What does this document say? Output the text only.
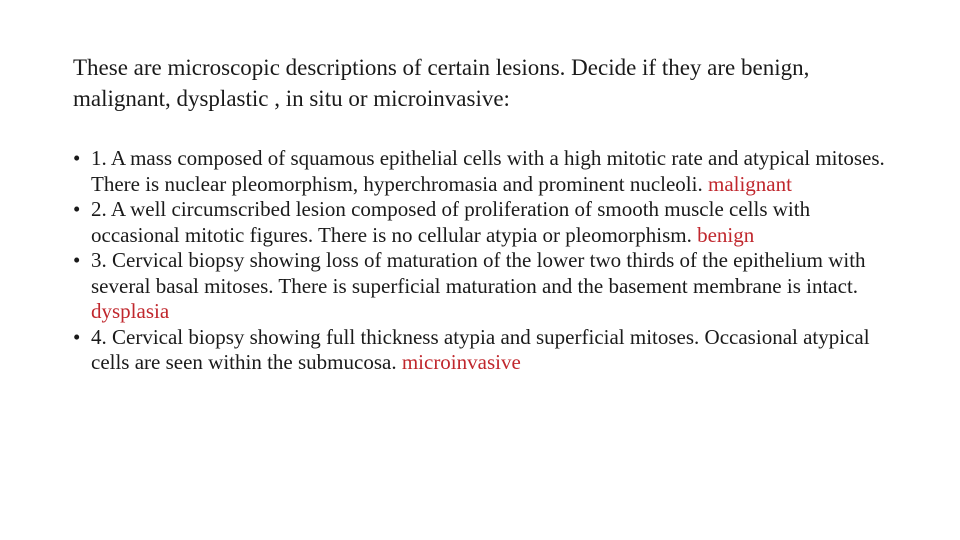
These are microscopic descriptions of certain lesions. Decide if they are benign, malignant, dysplastic , in situ or microinvasive:

• 1. A mass composed of squamous epithelial cells with a high mitotic rate and atypical mitoses. There is nuclear pleomorphism, hyperchromasia and prominent nucleoli. malignant
• 2. A well circumscribed lesion composed of proliferation of smooth muscle cells with occasional mitotic figures. There is no cellular atypia or pleomorphism. benign
• 3. Cervical biopsy showing loss of maturation of the lower two thirds of the epithelium with several basal mitoses. There is superficial maturation and the basement membrane is intact. dysplasia
• 4. Cervical biopsy showing full thickness atypia and superficial mitoses. Occasional atypical cells are seen within the submucosa. microinvasive
